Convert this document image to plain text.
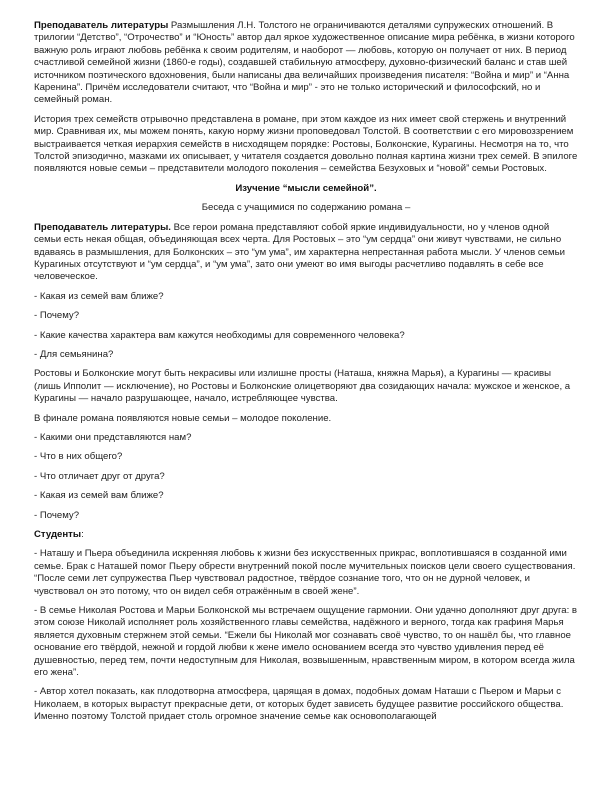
Преподаватель литературы Размышления Л.Н. Толстого не ограничиваются деталями супружеских отношений. В трилогии “Детство”, “Отрочество” и “Юность” автор дал яркое художественное описание мира ребёнка, в жизни которого важную роль играют любовь ребёнка к своим родителям, и наоборот — любовь, которую он получает от них. В период счастливой семейной жизни (1860-е годы), создавшей стабильную атмосферу, духовно-физический баланс и став шей источником поэтического вдохновения, были написаны два величайших произведения писателя: “Война и мир” и “Анна Каренина”. Причём исследователи считают, что “Война и мир” - это не только исторический и философский, но и семейный роман.

История трех семейств отрывочно представлена в романе, при этом каждое из них имеет свой стержень и внутренний мир. Сравнивая их, мы можем понять, какую норму жизни проповедовал Толстой. В соответствии с его мировоззрением выстраивается четкая иерархия семейств в нисходящем порядке: Ростовы, Болконские, Курагины. Несмотря на то, что Толстой эпизодично, мазками их описывает, у читателя создается довольно полная картина жизни трех семей. В эпилоге появляются новые семьи – представители молодого поколения – семейства Безуховых и “новой” семьи Ростовых.

Изучение “мысли семейной”.

Беседа с учащимися по содержанию романа –

Преподаватель литературы. Все герои романа представляют собой яркие индивидуальности, но у членов одной семьи есть некая общая, объединяющая всех черта. Для Ростовых – это “ум сердца” они живут чувствами, не сильно вдаваясь в размышления, для Болконских – это “ум ума”, им характерна непрестанная работа мысли. У членов семьи Курагиных отсутствуют и “ум сердца”, и “ум ума”, зато они умеют во имя выгоды расчетливо подавлять в себе все человеческое.

- Какая из семей вам ближе?

- Почему?

- Какие качества характера вам кажутся необходимы для современного человека?

- Для семьянина?

Ростовы и Болконские могут быть некрасивы или излишне просты (Наташа, княжна Марья), а Курагины — красивы (лишь Ипполит — исключение), но Ростовы и Болконские олицетворяют два созидающих начала: мужское и женское, а Курагины — начало разрушающее, начало, истребляющее чувства.

В финале романа появляются новые семьи – молодое поколение.

- Какими они представляются нам?

- Что в них общего?

- Что отличает друг от друга?

- Какая из семей вам ближе?

- Почему?

Студенты:

- Наташу и Пьера объединила искренняя любовь к жизни без искусственных прикрас, воплотившаяся в созданной ими семье. Брак с Наташей помог Пьеру обрести внутренний покой после мучительных поисков цели своего существования. “После семи лет супружества Пьер чувствовал радостное, твёрдое сознание того, что он не дурной человек, и чувствовал он это потому, что он видел себя отражённым в своей жене”.

- В семье Николая Ростова и Марьи Болконской мы встречаем ощущение гармонии. Они удачно дополняют друг друга: в этом союзе Николай исполняет роль хозяйственного главы семейства, надёжного и верного, тогда как графиня Марья является духовным стержнем этой семьи. “Ежели бы Николай мог сознавать своё чувство, то он нашёл бы, что главное основание его твёрдой, нежной и гордой любви к жене имело основанием всегда это чувство удивления перед её душевностью, перед тем, почти недоступным для Николая, возвышенным, нравственным миром, в котором всегда жила его жена”.

- Автор хотел показать, как плодотворна атмосфера, царящая в домах, подобных домам Наташи с Пьером и Марьи с Николаем, в которых вырастут прекрасные дети, от которых будет зависеть будущее развитие российского общества. Именно поэтому Толстой придает столь огромное значение семье как основополагающей
